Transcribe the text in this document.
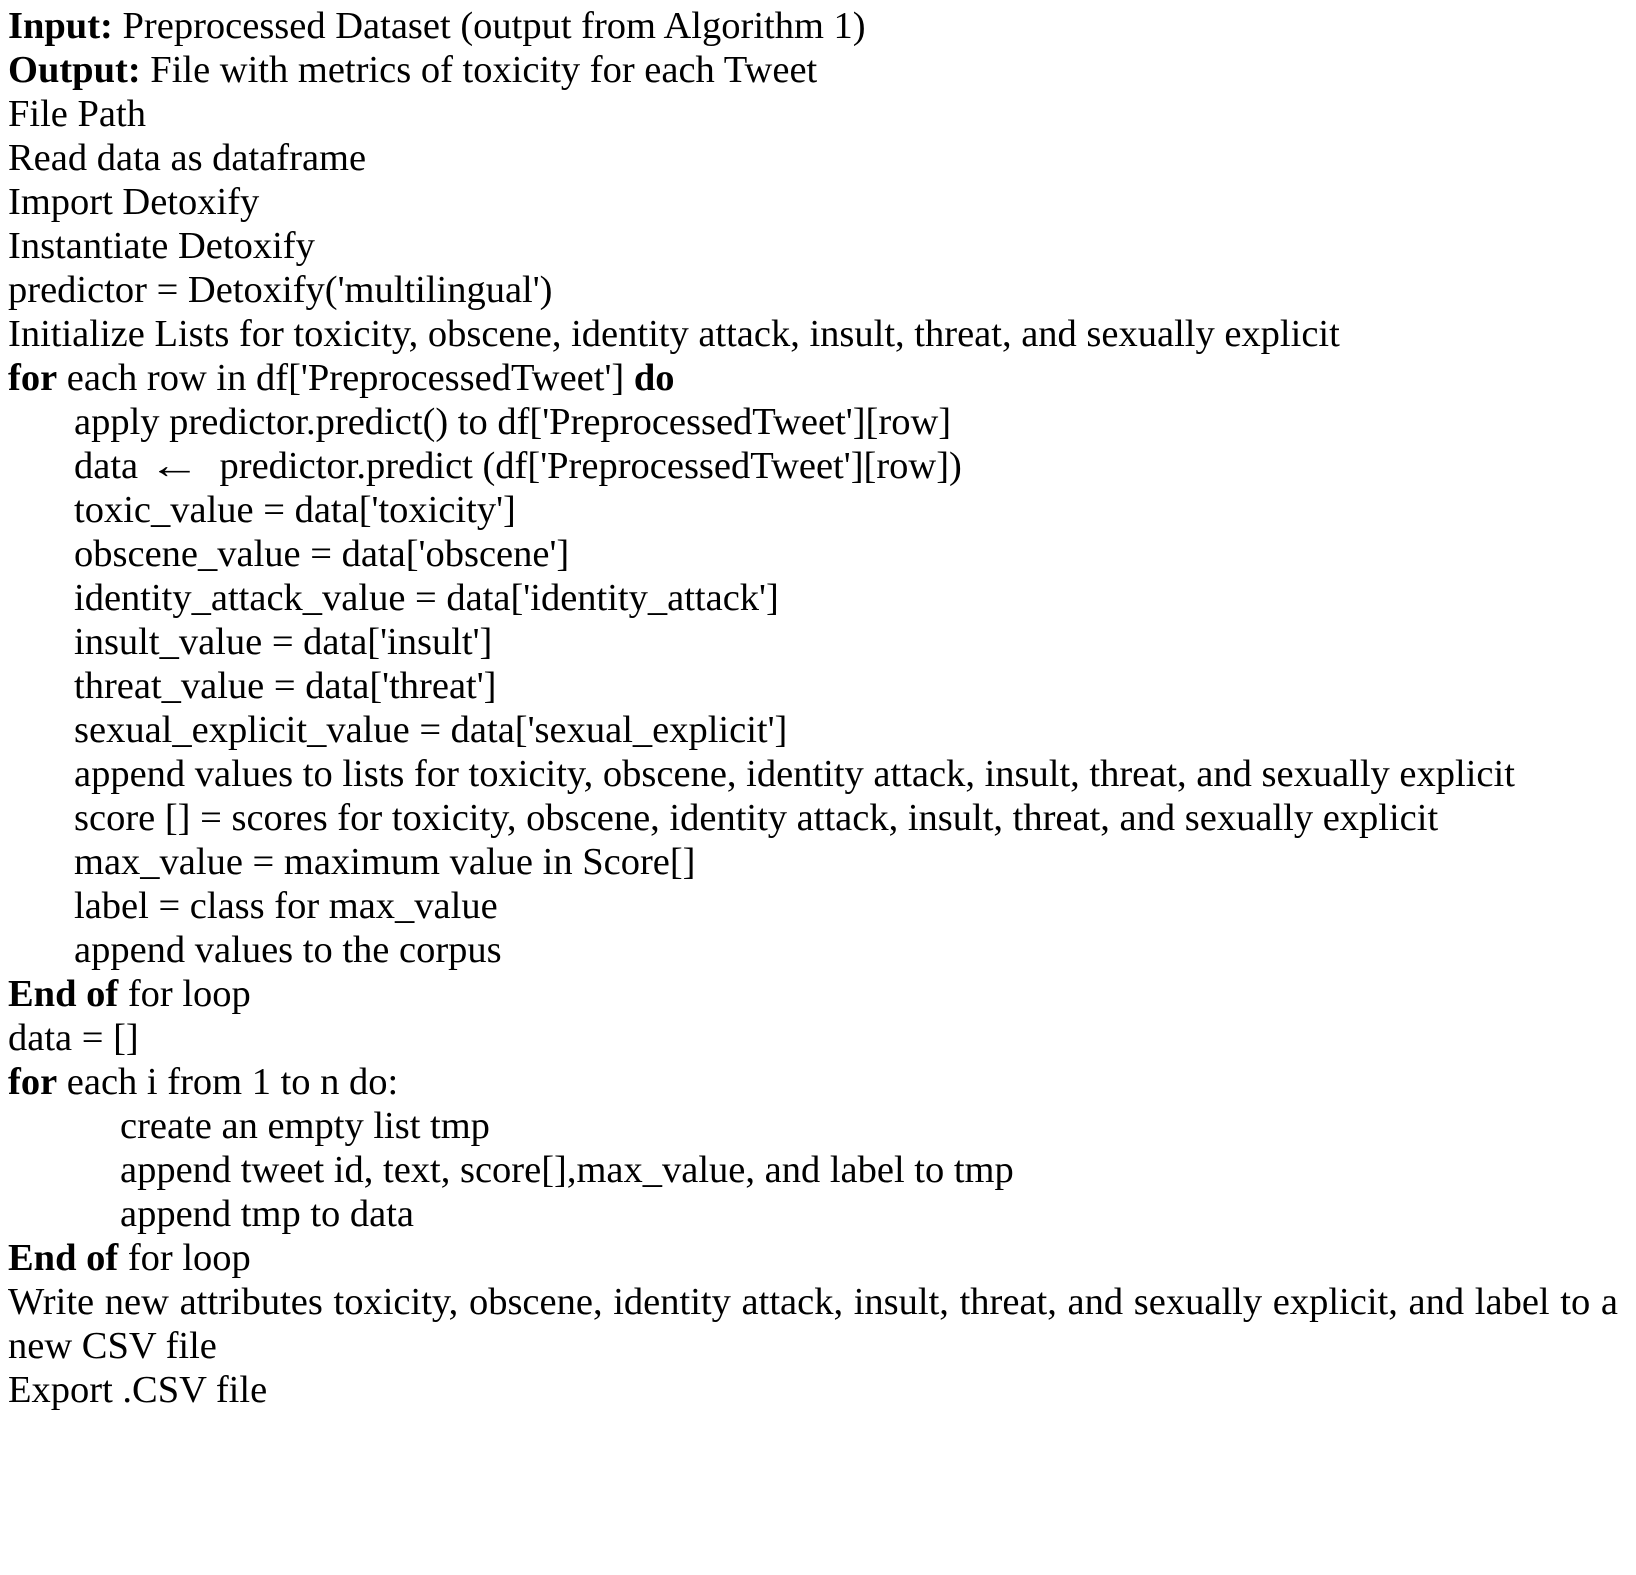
Input: Preprocessed Dataset (output from Algorithm 1)

Output: File with metrics of toxicity for each Tweet

File Path

Read data as dataframe

Import Detoxify

Instantiate Detoxify

predictor = Detoxify('multilingual')

Initialize Lists for toxicity, obscene, identity attack, insult, threat, and sexually explicit

for each row in df['PreprocessedTweet'] do

apply predictor.predict() to df['PreprocessedTweet'][row]

data ←  predictor.predict (df['PreprocessedTweet'][row])

toxic_value = data['toxicity']

obscene_value = data['obscene']

identity_attack_value = data['identity_attack']

insult_value = data['insult']

threat_value = data['threat']

sexual_explicit_value = data['sexual_explicit']

append values to lists for toxicity, obscene, identity attack, insult, threat, and sexually explicit

score [] = scores for toxicity, obscene, identity attack, insult, threat, and sexually explicit

max_value = maximum value in Score[]

label = class for max_value

append values to the corpus

End of for loop

data = []

for each i from 1 to n do:

create an empty list tmp

append tweet id, text, score[],max_value, and label to tmp

append tmp to data

End of for loop

Write new attributes toxicity, obscene, identity attack, insult, threat, and sexually explicit, and label to a new CSV file

Export .CSV file
